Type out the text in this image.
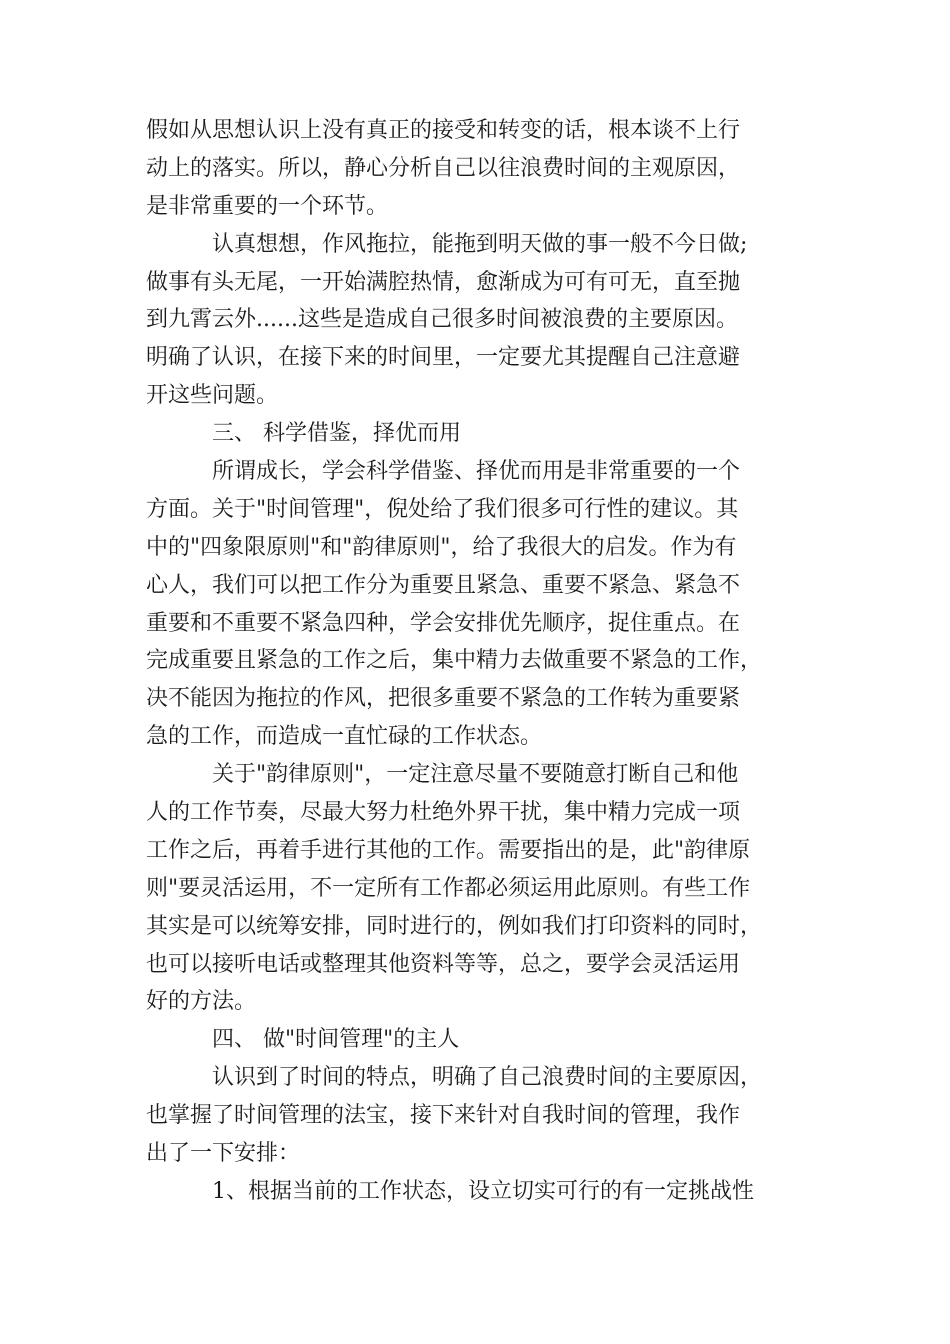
假如从思想认识上没有真正的接受和转变的话，根本谈不上行
动上的落实。所以，静心分析自己以往浪费时间的主观原因，
是非常重要的一个环节。
认真想想，作风拖拉，能拖到明天做的事一般不今日做;
做事有头无尾，一开始满腔热情，愈渐成为可有可无，直至抛
到九霄云外......这些是造成自己很多时间被浪费的主要原因。
明确了认识，在接下来的时间里，一定要尤其提醒自己注意避
开这些问题。
三、 科学借鉴，择优而用
所谓成长，学会科学借鉴、择优而用是非常重要的一个
方面。关于"时间管理"，倪处给了我们很多可行性的建议。其
中的"四象限原则"和"韵律原则"，给了我很大的启发。作为有
心人，我们可以把工作分为重要且紧急、重要不紧急、紧急不
重要和不重要不紧急四种，学会安排优先顺序，捉住重点。在
完成重要且紧急的工作之后，集中精力去做重要不紧急的工作，
决不能因为拖拉的作风，把很多重要不紧急的工作转为重要紧
急的工作，而造成一直忙碌的工作状态。
关于"韵律原则"，一定注意尽量不要随意打断自己和他
人的工作节奏，尽最大努力杜绝外界干扰，集中精力完成一项
工作之后，再着手进行其他的工作。需要指出的是，此"韵律原
则"要灵活运用，不一定所有工作都必须运用此原则。有些工作
其实是可以统筹安排，同时进行的，例如我们打印资料的同时，
也可以接听电话或整理其他资料等等，总之，要学会灵活运用
好的方法。
四、 做"时间管理"的主人
认识到了时间的特点，明确了自己浪费时间的主要原因，
也掌握了时间管理的法宝，接下来针对自我时间的管理，我作
出了一下安排：
1、根据当前的工作状态，设立切实可行的有一定挑战性
